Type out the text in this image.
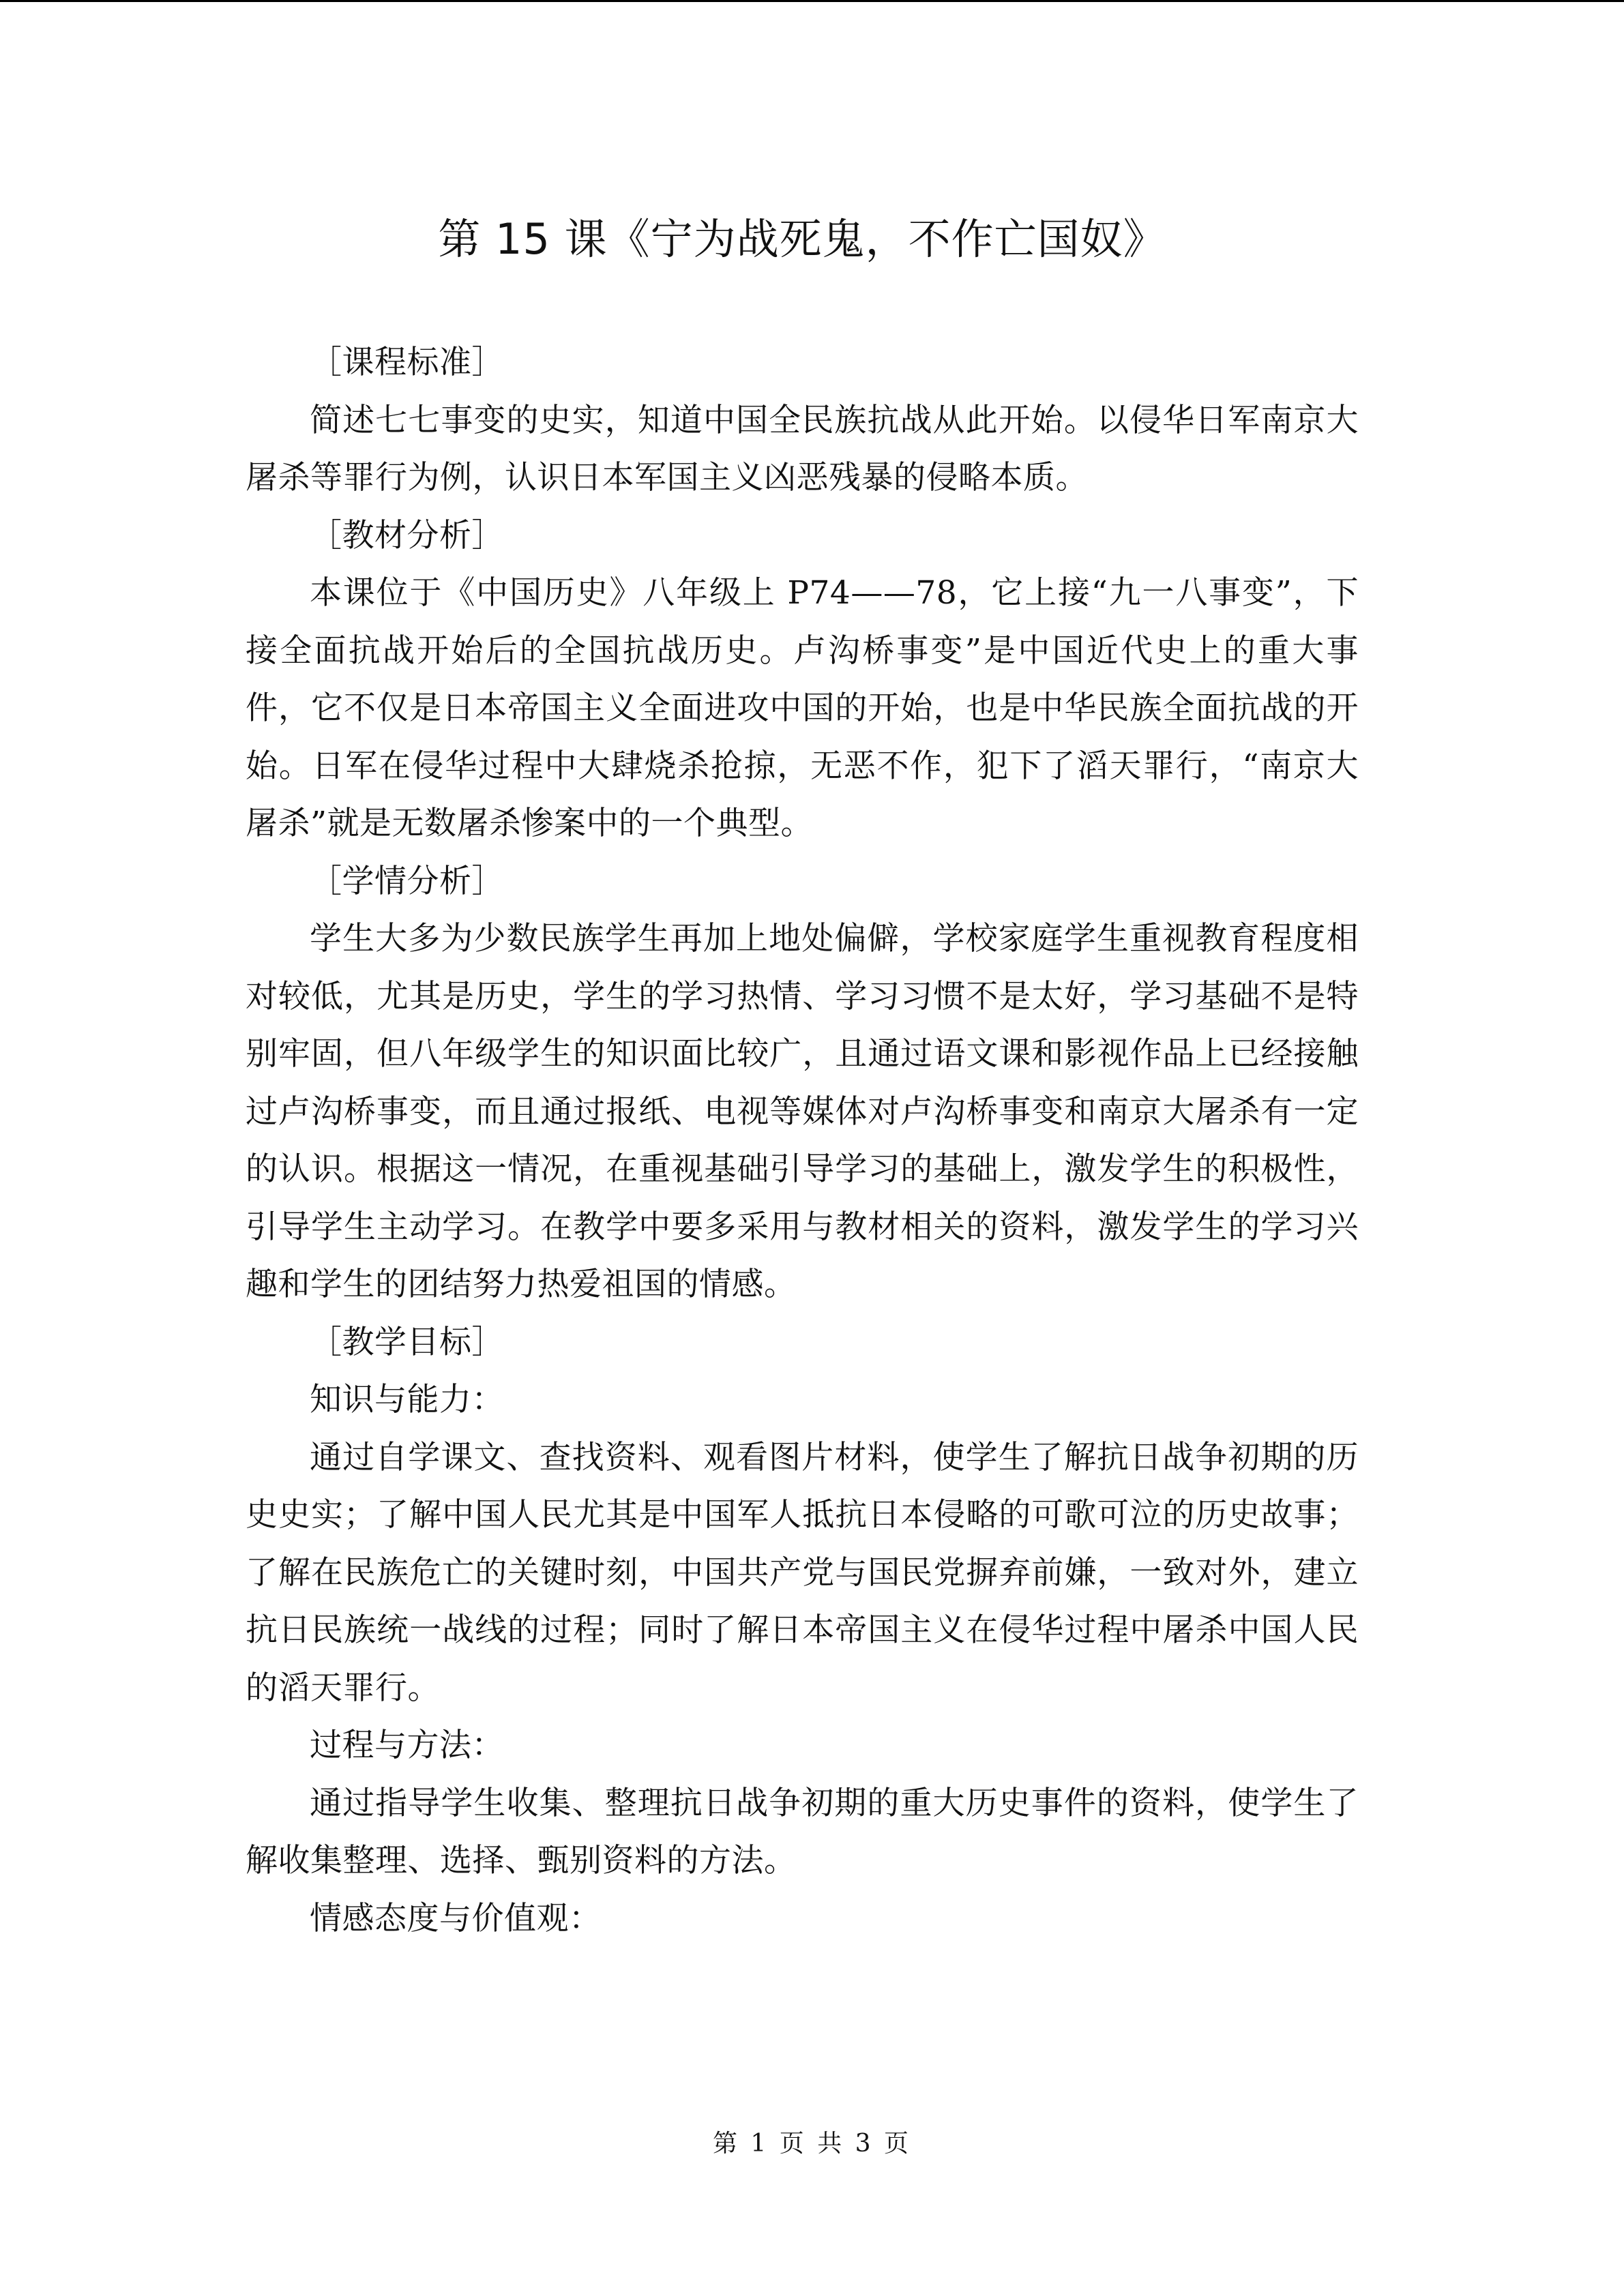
第 15 课《宁为战死鬼，不作亡国奴》

［课程标准］

简述七七事变的史实，知道中国全民族抗战从此开始。以侵华日军南京大屠杀等罪行为例，认识日本军国主义凶恶残暴的侵略本质。

［教材分析］

本课位于《中国历史》八年级上 P74——78，它上接“九一八事变”，下接全面抗战开始后的全国抗战历史。卢沟桥事变”是中国近代史上的重大事件，它不仅是日本帝国主义全面进攻中国的开始，也是中华民族全面抗战的开始。日军在侵华过程中大肆烧杀抢掠，无恶不作，犯下了滔天罪行，“南京大屠杀”就是无数屠杀惨案中的一个典型。

［学情分析］

学生大多为少数民族学生再加上地处偏僻，学校家庭学生重视教育程度相对较低，尤其是历史，学生的学习热情、学习习惯不是太好，学习基础不是特别牢固，但八年级学生的知识面比较广，且通过语文课和影视作品上已经接触过卢沟桥事变，而且通过报纸、电视等媒体对卢沟桥事变和南京大屠杀有一定的认识。根据这一情况，在重视基础引导学习的基础上，激发学生的积极性，引导学生主动学习。在教学中要多采用与教材相关的资料，激发学生的学习兴趣和学生的团结努力热爱祖国的情感。

［教学目标］

知识与能力：

通过自学课文、查找资料、观看图片材料，使学生了解抗日战争初期的历史史实；了解中国人民尤其是中国军人抵抗日本侵略的可歌可泣的历史故事；了解在民族危亡的关键时刻，中国共产党与国民党摒弃前嫌，一致对外，建立抗日民族统一战线的过程；同时了解日本帝国主义在侵华过程中屠杀中国人民的滔天罪行。

过程与方法：

通过指导学生收集、整理抗日战争初期的重大历史事件的资料，使学生了解收集整理、选择、甄别资料的方法。

情感态度与价值观：

第 1 页 共 3 页
